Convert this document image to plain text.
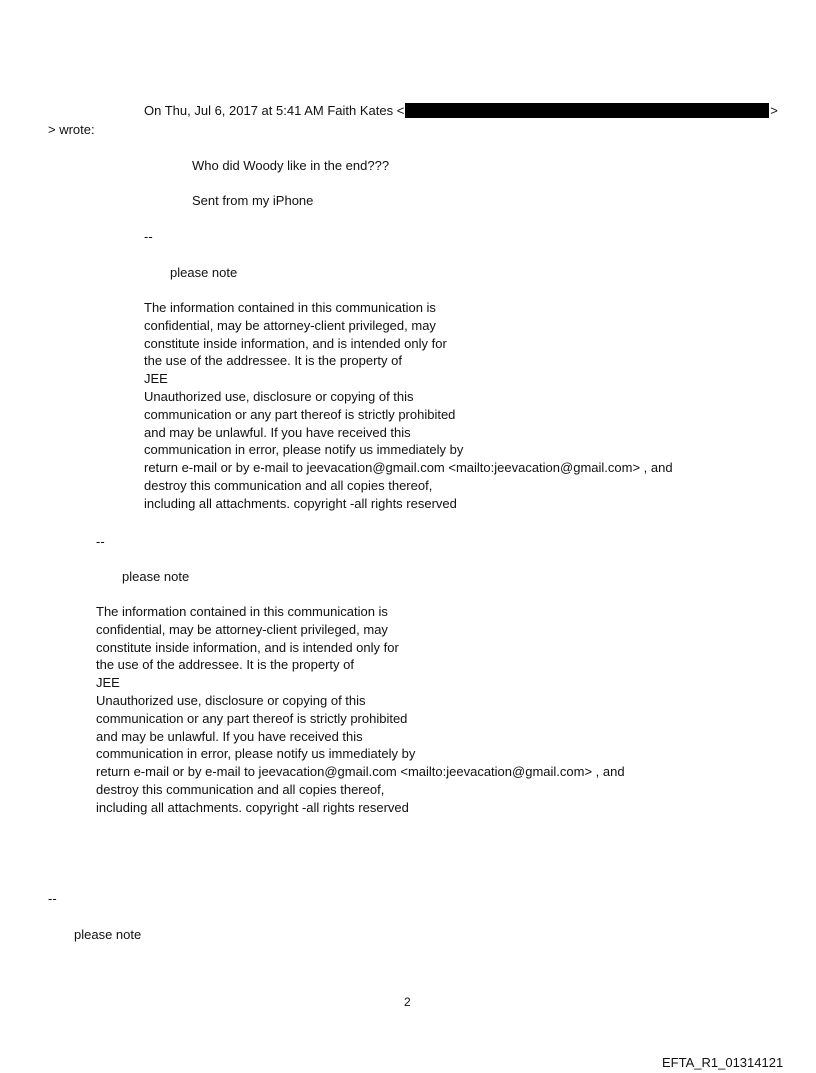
On Thu, Jul 6, 2017 at 5:41 AM Faith Kates <	>
> wrote:
Who did Woody like in the end???
Sent from my iPhone
--
please note
The information contained in this communication is
confidential, may be attorney-client privileged, may
constitute inside information, and is intended only for
the use of the addressee. It is the property of
JEE
Unauthorized use, disclosure or copying of this
communication or any part thereof is strictly prohibited
and may be unlawful. If you have received this
communication in error, please notify us immediately by
return e-mail or by e-mail to jeevacation@gmail.com <mailto:jeevacation@gmail.com> , and
destroy this communication and all copies thereof,
including all attachments. copyright -all rights reserved
--
please note
The information contained in this communication is
confidential, may be attorney-client privileged, may
constitute inside information, and is intended only for
the use of the addressee. It is the property of
JEE
Unauthorized use, disclosure or copying of this
communication or any part thereof is strictly prohibited
and may be unlawful. If you have received this
communication in error, please notify us immediately by
return e-mail or by e-mail to jeevacation@gmail.com <mailto:jeevacation@gmail.com> , and
destroy this communication and all copies thereof,
including all attachments. copyright -all rights reserved
--
please note
2
EFTA_R1_01314121
